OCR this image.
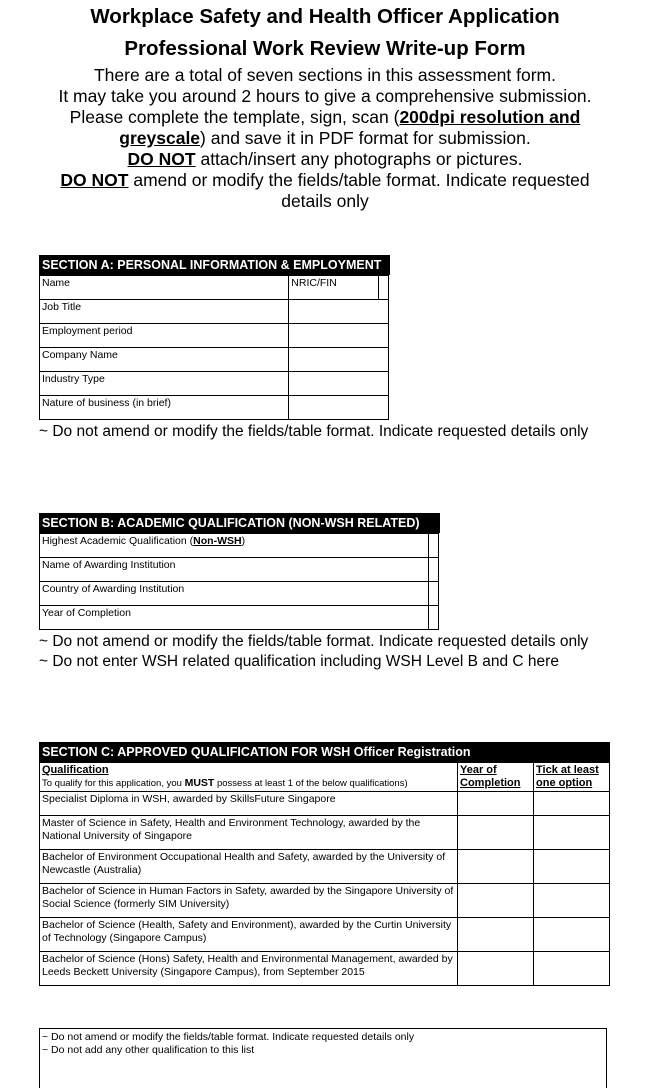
Workplace Safety and Health Officer Application
Professional Work Review Write-up Form

There are a total of seven sections in this assessment form.

It may take you around 2 hours to give a comprehensive submission.

Please complete the template, sign, scan (200dpi resolution and greyscale) and save it in PDF format for submission.

DO NOT attach/insert any photographs or pictures.

DO NOT amend or modify the fields/table format. Indicate requested details only

SECTION A: PERSONAL INFORMATION & EMPLOYMENT
Name	NRIC/FIN	
Job Title		
Employment period		
Company Name		
Industry Type		
Nature of business (in brief)		

~ Do not amend or modify the fields/table format. Indicate requested details only

SECTION B: ACADEMIC QUALIFICATION (NON-WSH RELATED)
Highest Academic Qualification (Non-WSH)	
Name of Awarding Institution	
Country of Awarding Institution	
Year of Completion	

~ Do not amend or modify the fields/table format. Indicate requested details only

~ Do not enter WSH related qualification including WSH Level B and C here

SECTION C: APPROVED QUALIFICATION FOR WSH Officer Registration
Qualification
To qualify for this application, you MUST possess at least 1 of the below qualifications)	Year of Completion	Tick at least one option
Specialist Diploma in WSH, awarded by SkillsFuture Singapore		
Master of Science in Safety, Health and Environment Technology, awarded by the National University of Singapore		
Bachelor of Environment Occupational Health and Safety, awarded by the University of Newcastle (Australia)		
Bachelor of Science in Human Factors in Safety, awarded by the Singapore University of Social Science (formerly SIM University)		
Bachelor of Science (Health, Safety and Environment), awarded by the Curtin University of Technology (Singapore Campus)		
Bachelor of Science (Hons) Safety, Health and Environmental Management, awarded by Leeds Beckett University (Singapore Campus), from September 2015		

~ Do not amend or modify the fields/table format. Indicate requested details only

~ Do not add any other qualification to this list
